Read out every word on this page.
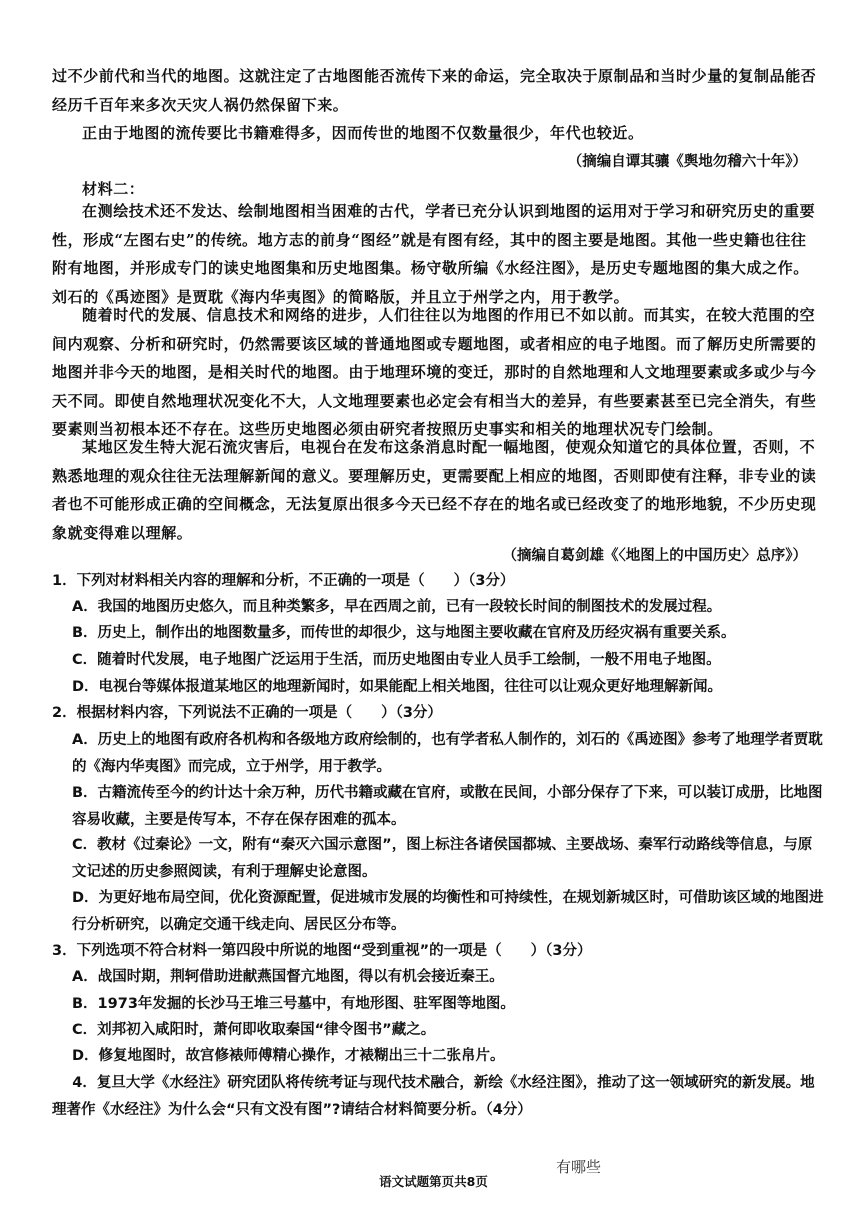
过不少前代和当代的地图。这就注定了古地图能否流传下来的命运，完全取决于原制品和当时少量的复制品能否经历千百年来多次天灾人祸仍然保留下来。
正由于地图的流传要比书籍难得多，因而传世的地图不仅数量很少，年代也较近。
（摘编自谭其骧《舆地勿稽六十年》）
材料二：
在测绘技术还不发达、绘制地图相当困难的古代，学者已充分认识到地图的运用对于学习和研究历史的重要性，形成“左图右史”的传统。地方志的前身“图经”就是有图有经，其中的图主要是地图。其他一些史籍也往往附有地图，并形成专门的读史地图集和历史地图集。杨守敬所编《水经注图》，是历史专题地图的集大成之作。刘石的《禹迹图》是贾耽《海内华夷图》的简略版，并且立于州学之内，用于教学。
随着时代的发展、信息技术和网络的进步，人们往往以为地图的作用已不如以前。而其实，在较大范围的空间内观察、分析和研究时，仍然需要该区域的普通地图或专题地图，或者相应的电子地图。而了解历史所需要的地图并非今天的地图，是相关时代的地图。由于地理环境的变迁，那时的自然地理和人文地理要素或多或少与今天不同。即使自然地理状况变化不大，人文地理要素也必定会有相当大的差异，有些要素甚至已完全消失，有些要素则当初根本还不存在。这些历史地图必须由研究者按照历史事实和相关的地理状况专门绘制。
某地区发生特大泥石流灾害后，电视台在发布这条消息时配一幅地图，使观众知道它的具体位置，否则，不熟悉地理的观众往往无法理解新闻的意义。要理解历史，更需要配上相应的地图，否则即使有注释，非专业的读者也不可能形成正确的空间概念，无法复原出很多今天已经不存在的地名或已经改变了的地形地貌，不少历史现象就变得难以理解。
（摘编自葛剑雄《〈地图上的中国历史〉总序》）
1．下列对材料相关内容的理解和分析，不正确的一项是（　　）（3分）
A．我国的地图历史悠久，而且种类繁多，早在西周之前，已有一段较长时间的制图技术的发展过程。
B．历史上，制作出的地图数量多，而传世的却很少，这与地图主要收藏在官府及历经灾祸有重要关系。
C．随着时代发展，电子地图广泛运用于生活，而历史地图由专业人员手工绘制，一般不用电子地图。
D．电视台等媒体报道某地区的地理新闻时，如果能配上相关地图，往往可以让观众更好地理解新闻。
2．根据材料内容，下列说法不正确的一项是（　　）（3分）
A．历史上的地图有政府各机构和各级地方政府绘制的，也有学者私人制作的，刘石的《禹迹图》参考了地理学者贾耽的《海内华夷图》而完成，立于州学，用于教学。
B．古籍流传至今的约计达十余万种，历代书籍或藏在官府，或散在民间，小部分保存了下来，可以装订成册，比地图容易收藏，主要是传写本，不存在保存困难的孤本。
C．教材《过秦论》一文，附有“秦灭六国示意图”，图上标注各诸侯国都城、主要战场、秦军行动路线等信息，与原文记述的历史参照阅读，有利于理解史论意图。
D．为更好地布局空间，优化资源配置，促进城市发展的均衡性和可持续性，在规划新城区时，可借助该区域的地图进行分析研究，以确定交通干线走向、居民区分布等。
3．下列选项不符合材料一第四段中所说的地图“受到重视”的一项是（　　）（3分）
A．战国时期，荆轲借助进献燕国督亢地图，得以有机会接近秦王。
B．1973年发掘的长沙马王堆三号墓中，有地形图、驻军图等地图。
C．刘邦初入咸阳时，萧何即收取秦国“律令图书”藏之。
D．修复地图时，故宫修裱师傅精心操作，才裱糊出三十二张帛片。
4．复旦大学《水经注》研究团队将传统考证与现代技术融合，新绘《水经注图》，推动了这一领域研究的新发展。地理著作《水经注》为什么会“只有文没有图”?请结合材料简要分析。（4分）
有哪些
语文试题第页共8页
